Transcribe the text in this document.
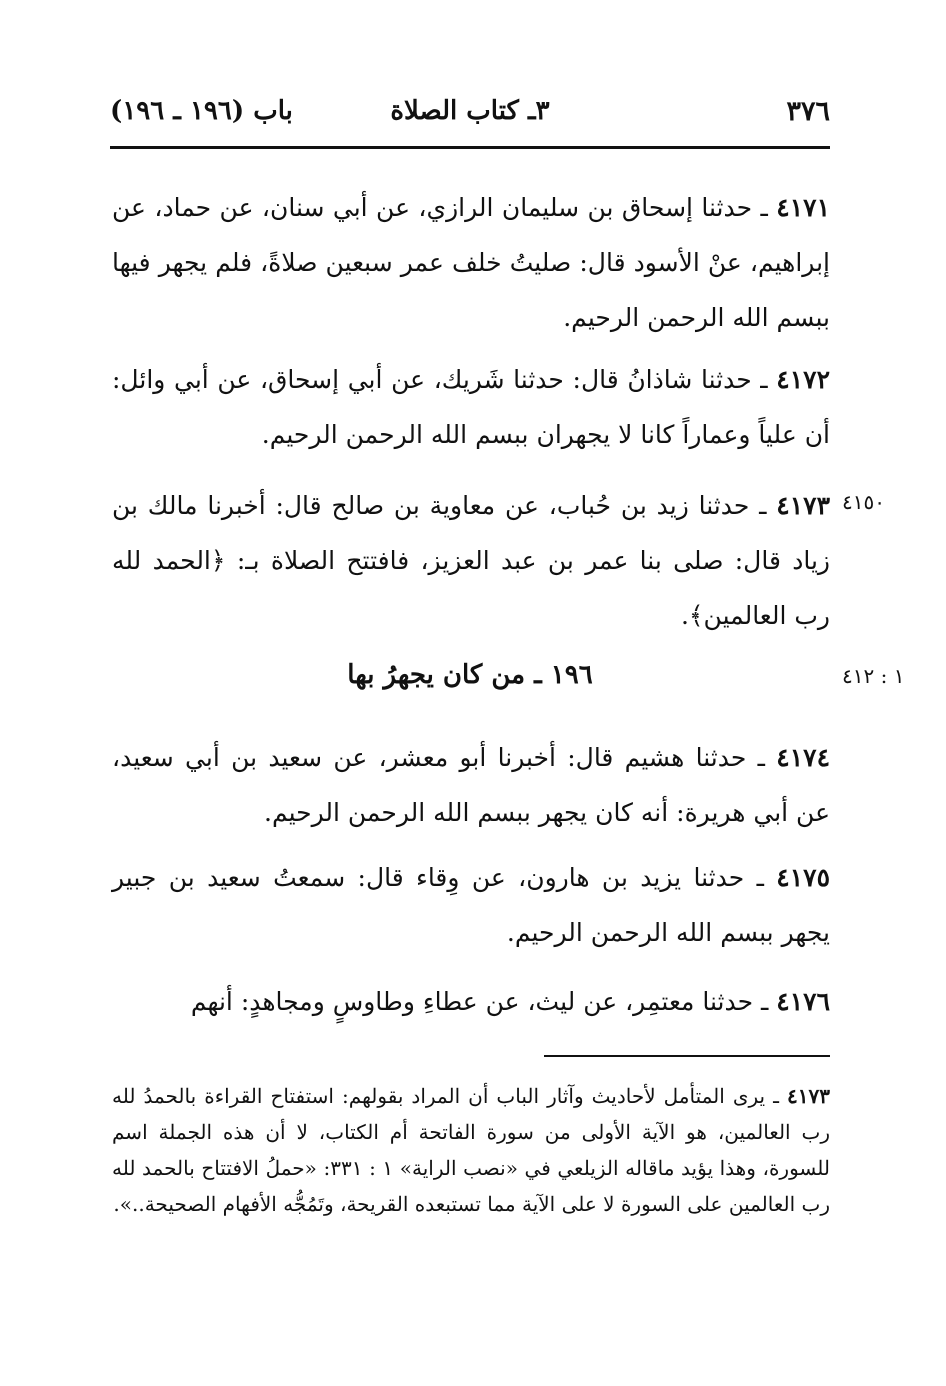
٣٧٦
٣ـ كتاب الصلاة
باب (١٩٦ ـ ١٩٦)
٤١٧١ ـ حدثنا إسحاق بن سليمان الرازي، عن أبي سنان، عن حماد، عن إبراهيم، عنْ الأسود قال: صليتُ خلف عمر سبعين صلاةً، فلم يجهر فيها ببسم الله الرحمن الرحيم.
٤١٧٢ ـ حدثنا شاذانُ قال: حدثنا شَريك، عن أبي إسحاق، عن أبي وائل: أن علياً وعماراً كانا لا يجهران ببسم الله الرحمن الرحيم.
٤١٥٠
٤١٧٣ ـ حدثنا زيد بن حُباب، عن معاوية بن صالح قال: أخبرنا مالك بن زياد قال: صلى بنا عمر بن عبد العزيز، فافتتح الصلاة بـ: ﴿الحمد لله رب العالمين﴾.
١ : ٤١٢
١٩٦ ـ من كان يجهرُ بها
٤١٧٤ ـ حدثنا هشيم قال: أخبرنا أبو معشر، عن سعيد بن أبي سعيد، عن أبي هريرة: أنه كان يجهر ببسم الله الرحمن الرحيم.
٤١٧٥ ـ حدثنا يزيد بن هارون، عن وِقاء قال: سمعتُ سعيد بن جبير يجهر ببسم الله الرحمن الرحيم.
٤١٧٦ ـ حدثنا معتمِر، عن ليث، عن عطاءِ وطاوسٍ ومجاهدٍ: أنهم
٤١٧٣ ـ يرى المتأمل لأحاديث وآثار الباب أن المراد بقولهم: استفتاح القراءة بالحمدُ لله رب العالمين، هو الآية الأولى من سورة الفاتحة أم الكتاب، لا أن هذه الجملة اسم للسورة، وهذا يؤيد ماقاله الزيلعي في «نصب الراية» ١ : ٣٣١: «حملُ الافتتاح بالحمد لله رب العالمين على السورة لا على الآية مما تستبعده القريحة، وتَمُجُّه الأفهام الصحيحة..».
